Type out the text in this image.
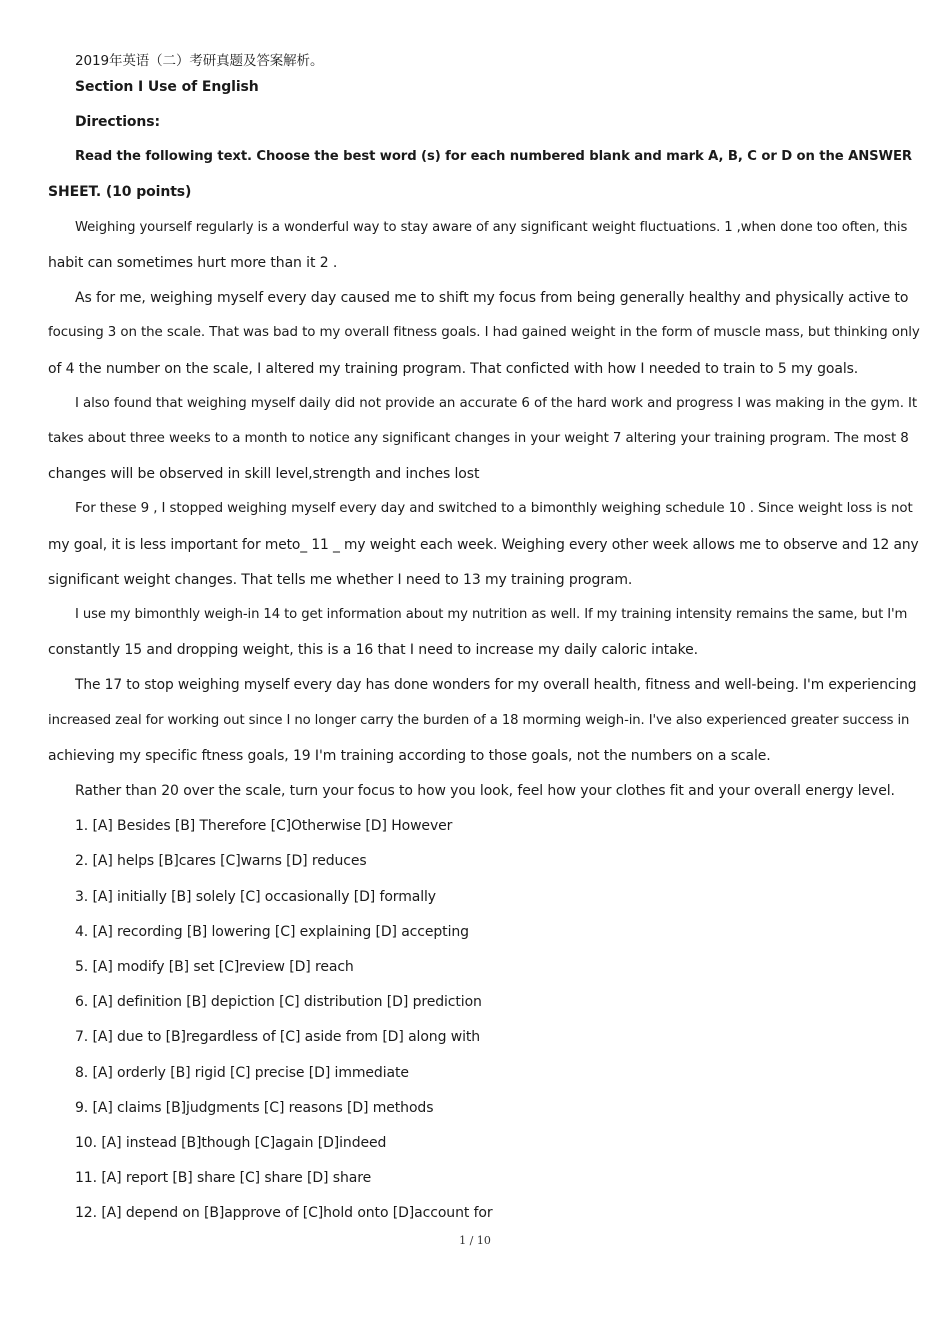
2019年英语（二）考研真题及答案解析。
Section I Use of English
Directions:
Read the following text. Choose the best word (s) for each numbered blank and mark A, B, C or D on the ANSWER
SHEET. (10 points)
Weighing yourself regularly is a wonderful way to stay aware of any significant weight fluctuations. 1 ,when done too often, this
habit can sometimes hurt more than it 2 .
As for me, weighing myself every day caused me to shift my focus from being generally healthy and physically active to
focusing 3 on the scale. That was bad to my overall fitness goals. I had gained weight in the form of muscle mass, but thinking only
of 4 the number on the scale, I altered my training program. That conficted with how I needed to train to 5 my goals.
I also found that weighing myself daily did not provide an accurate 6 of the hard work and progress I was making in the gym. It
takes about three weeks to a month to notice any significant changes in your weight 7 altering your training program. The most 8
changes will be observed in skill level,strength and inches lost
For these 9 , I stopped weighing myself every day and switched to a bimonthly weighing schedule 10 . Since weight loss is not
my goal, it is less important for meto_ 11 _ my weight each week. Weighing every other week allows me to observe and 12 any
significant weight changes. That tells me whether I need to 13 my training program.
I use my bimonthly weigh-in 14 to get information about my nutrition as well. If my training intensity remains the same, but I'm
constantly 15 and dropping weight, this is a 16 that I need to increase my daily caloric intake.
The 17 to stop weighing myself every day has done wonders for my overall health, fitness and well-being. I'm experiencing
increased zeal for working out since I no longer carry the burden of a 18 morming weigh-in. I've also experienced greater success in
achieving my specific ftness goals, 19 I'm training according to those goals, not the numbers on a scale.
Rather than 20 over the scale, turn your focus to how you look, feel how your clothes fit and your overall energy level.
1. [A] Besides [B] Therefore [C]Otherwise [D] However
2. [A] helps [B]cares [C]warns [D] reduces
3. [A] initially [B] solely [C] occasionally [D] formally
4. [A] recording [B] lowering [C] explaining [D] accepting
5. [A] modify [B] set [C]review [D] reach
6. [A] definition [B] depiction [C] distribution [D] prediction
7. [A] due to [B]regardless of [C] aside from [D] along with
8. [A] orderly [B] rigid [C] precise [D] immediate
9. [A] claims [B]judgments [C] reasons [D] methods
10. [A] instead [B]though [C]again [D]indeed
11. [A] report [B] share [C] share [D] share
12. [A] depend on [B]approve of [C]hold onto [D]account for
1 / 10
